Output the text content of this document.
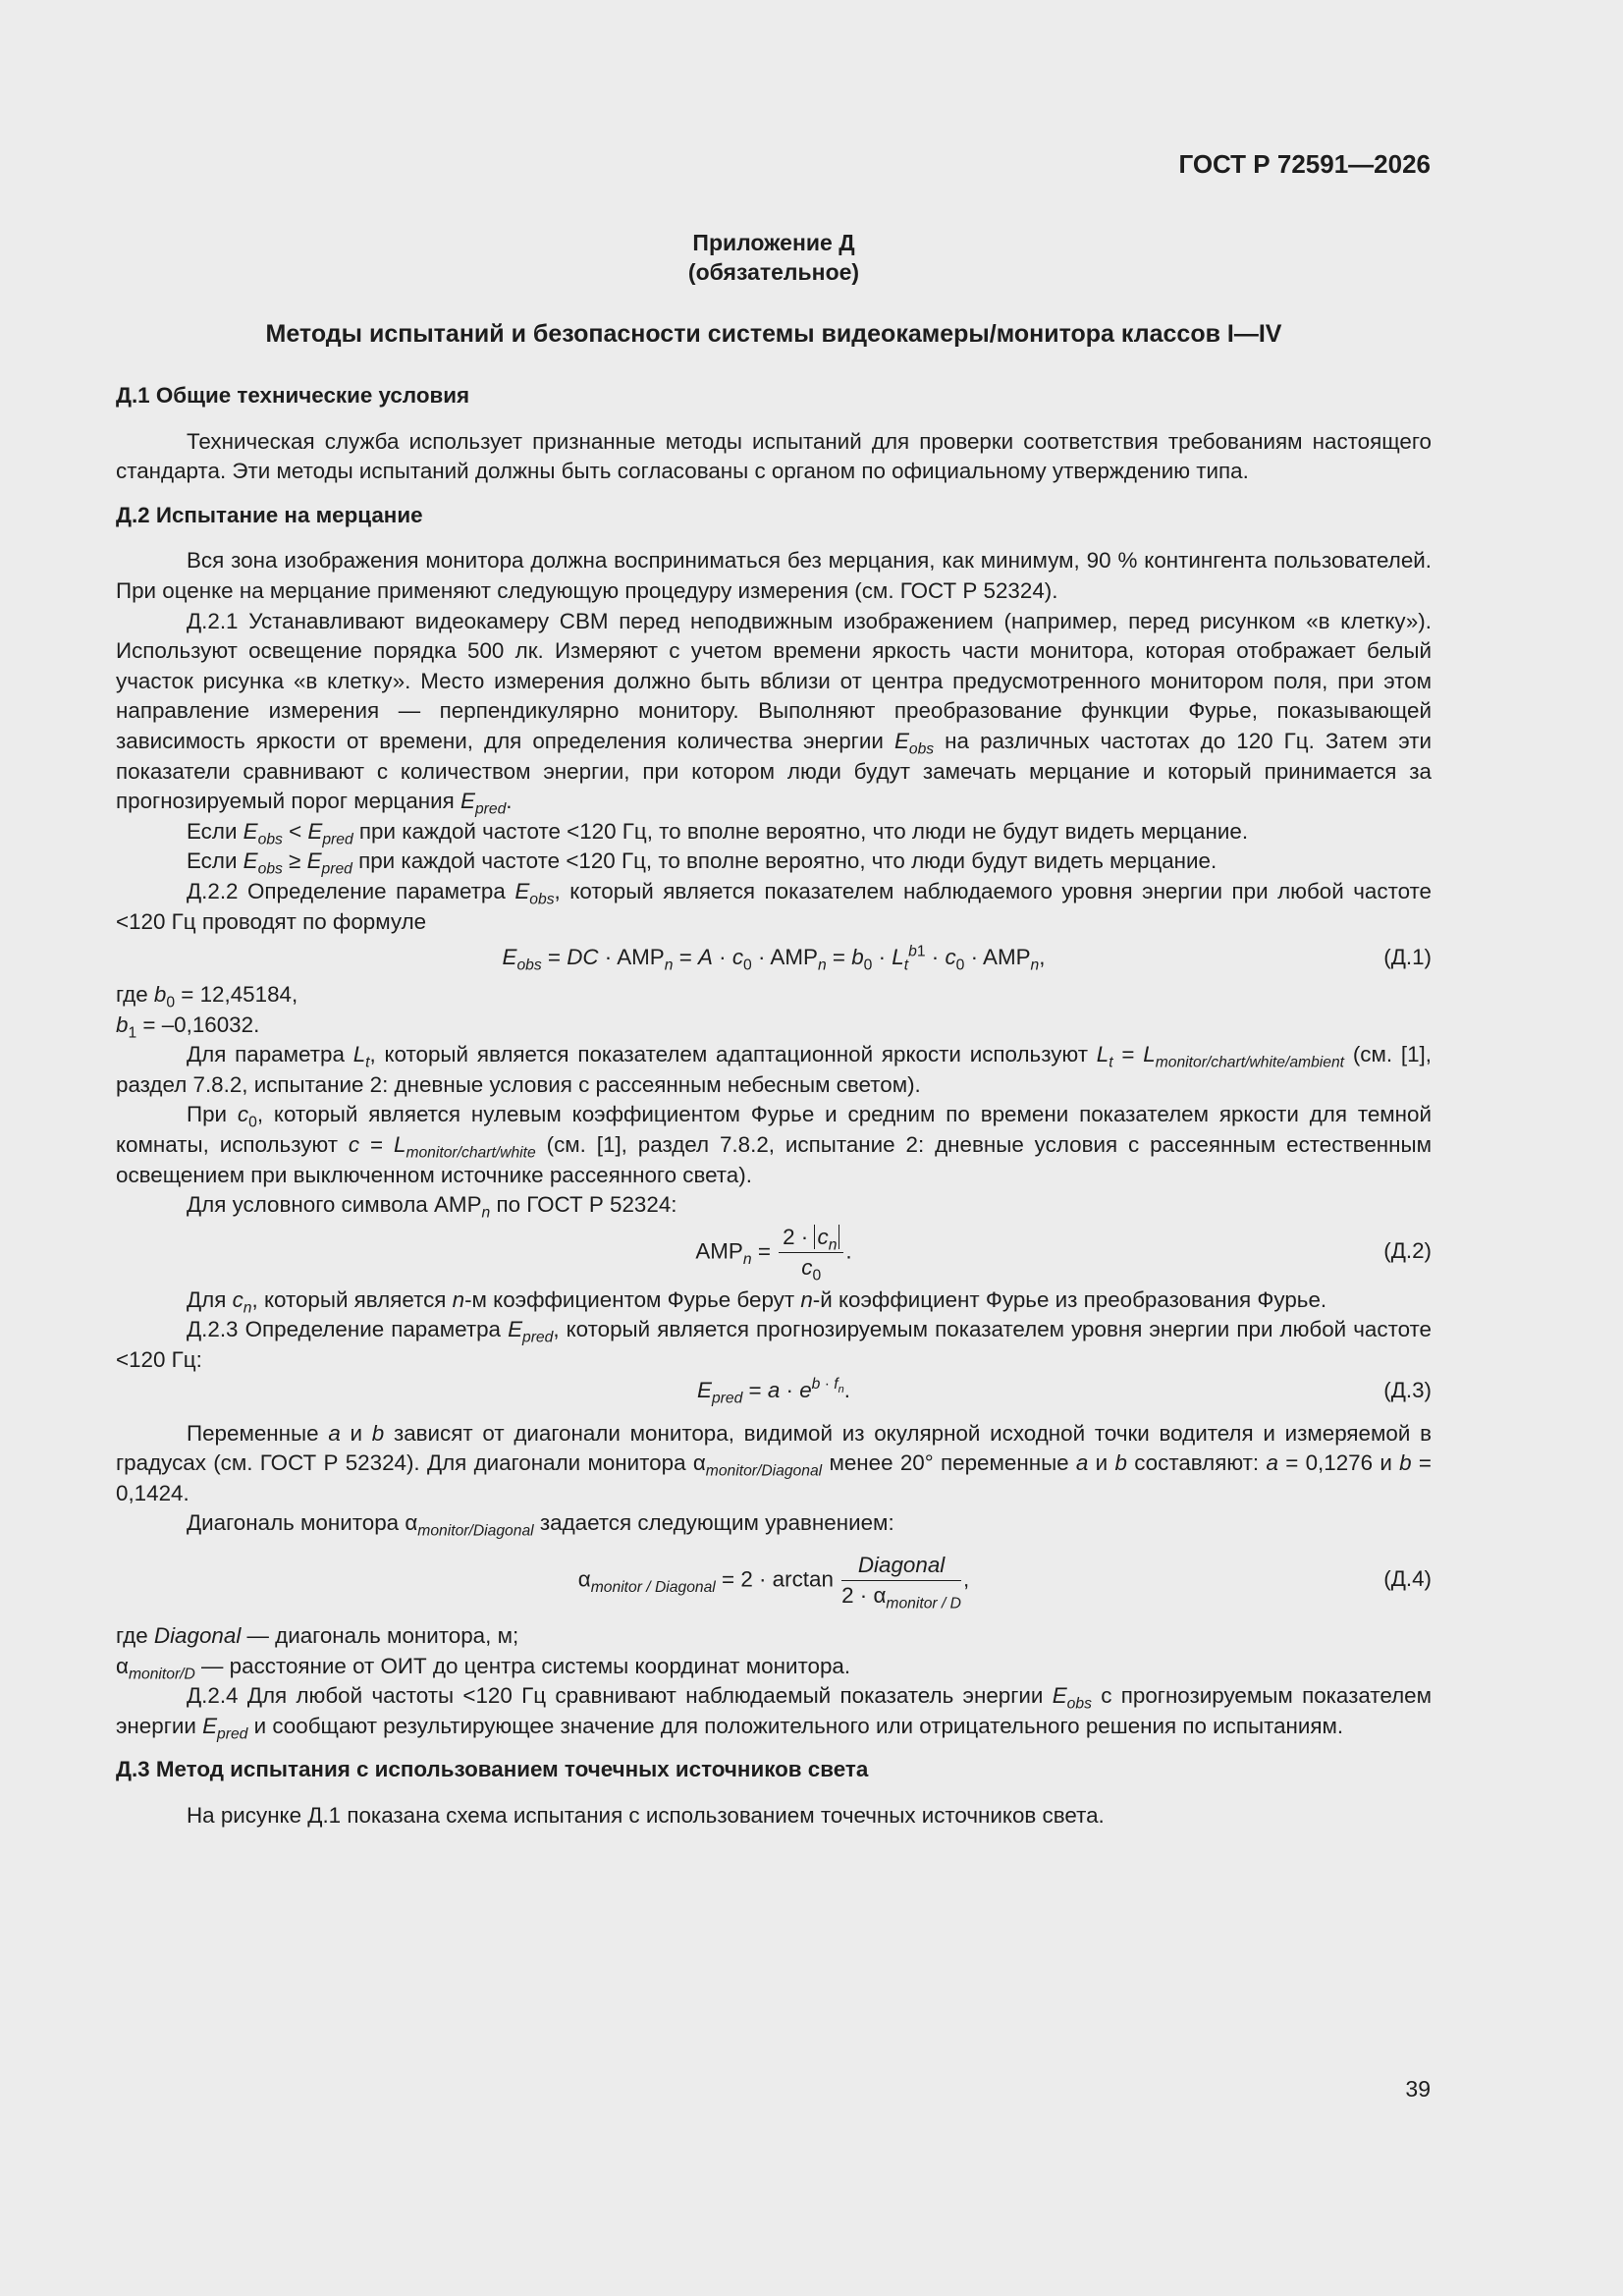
ГОСТ Р 72591—2026
Приложение Д
(обязательное)
Методы испытаний и безопасности системы видеокамеры/монитора классов I—IV

Д.1 Общие технические условия

Техническая служба использует признанные методы испытаний для проверки соответствия требованиям настоящего стандарта. Эти методы испытаний должны быть согласованы с органом по официальному утверждению типа.

Д.2 Испытание на мерцание

Вся зона изображения монитора должна восприниматься без мерцания, как минимум, 90 % контингента пользователей. При оценке на мерцание применяют следующую процедуру измерения (см. ГОСТ Р 52324).

Д.2.1 Устанавливают видеокамеру СВМ перед неподвижным изображением (например, перед рисунком «в клетку»). Используют освещение порядка 500 лк. Измеряют с учетом времени яркость части монитора, которая отображает белый участок рисунка «в клетку». Место измерения должно быть вблизи от центра предусмотренного монитором поля, при этом направление измерения — перпендикулярно монитору. Выполняют преобразование функции Фурье, показывающей зависимость яркости от времени, для определения количества энергии $E_{obs}$ на различных частотах до 120 Гц. Затем эти показатели сравнивают с количеством энергии, при котором люди будут замечать мерцание и который принимается за прогнозируемый порог мерцания $E_{pred}$.

Если $E_{obs} < E_{pred}$ при каждой частоте <120 Гц, то вполне вероятно, что люди не будут видеть мерцание.

Если $E_{obs} \ge E_{pred}$ при каждой частоте <120 Гц, то вполне вероятно, что люди будут видеть мерцание.

Д.2.2 Определение параметра $E_{obs}$, который является показателем наблюдаемого уровня энергии при любой частоте <120 Гц проводят по формуле

$E_{obs}$ = DC · $AMP_n = A \cdot c_0 \cdot AMP_n = b_0 \cdot L_t^{b1} \cdot c_0 \cdot AMP_n$,	(Д.1)

где $b_0 = 12,45184$,

$b_1 = -0,16032$.

Для параметра $L_t$, который является показателем адаптационной яркости используют $L_t = L_{monitor/chart/white/ambient}$ (см. [1], раздел 7.8.2, испытание 2: дневные условия с рассеянным небесным светом).

При $c_0$, который является нулевым коэффициентом Фурье и средним по времени показателем яркости для темной комнаты, используют $c = L_{monitor/chart/white}$ (см. [1], раздел 7.8.2, испытание 2: дневные условия с рассеянным естественным освещением при выключенном источнике рассеянного света).

Для условного символа $AMP_n$ по ГОСТ Р 52324:

$AMP_n = \frac{2 \cdot c_n}{c_0}$ .	(Д.2)

Для $c_n$, который является n-м коэффициентом Фурье берут n-й коэффициент Фурье из преобразования Фурье.

Д.2.3 Определение параметра $E_{pred}$, который является прогнозируемым показателем уровня энергии при любой частоте <120 Гц:

$E_{pred} = a \cdot e^{b \cdot f_n}$.	(Д.3)

Переменные a и b зависят от диагонали монитора, видимой из окулярной исходной точки водителя и измеряемой в градусах (см. ГОСТ Р 52324). Для диагонали монитора $\alpha_{monitor/Diagonal}$ менее 20° переменные a и b составляют: a = 0,1276 и b = 0,1424.

Диагональ монитора $\alpha_{monitor/Diagonal}$ задается следующим уравнением:

$\alpha_{monitor / Diagonal} = 2 \cdot \arctan \frac{\text{Diagonal}}{2 \cdot \alpha_{monitor / D}}$ ,	(Д.4)

где Diagonal — диагональ монитора, м;

$\alpha_{monitor/D}$ — расстояние от ОИТ до центра системы координат монитора.

Д.2.4 Для любой частоты <120 Гц сравнивают наблюдаемый показатель энергии $E_{obs}$ с прогнозируемым показателем энергии $E_{pred}$ и сообщают результирующее значение для положительного или отрицательного решения по испытаниям.

Д.3 Метод испытания с использованием точечных источников света

На рисунке Д.1 показана схема испытания с использованием точечных источников света.

39
